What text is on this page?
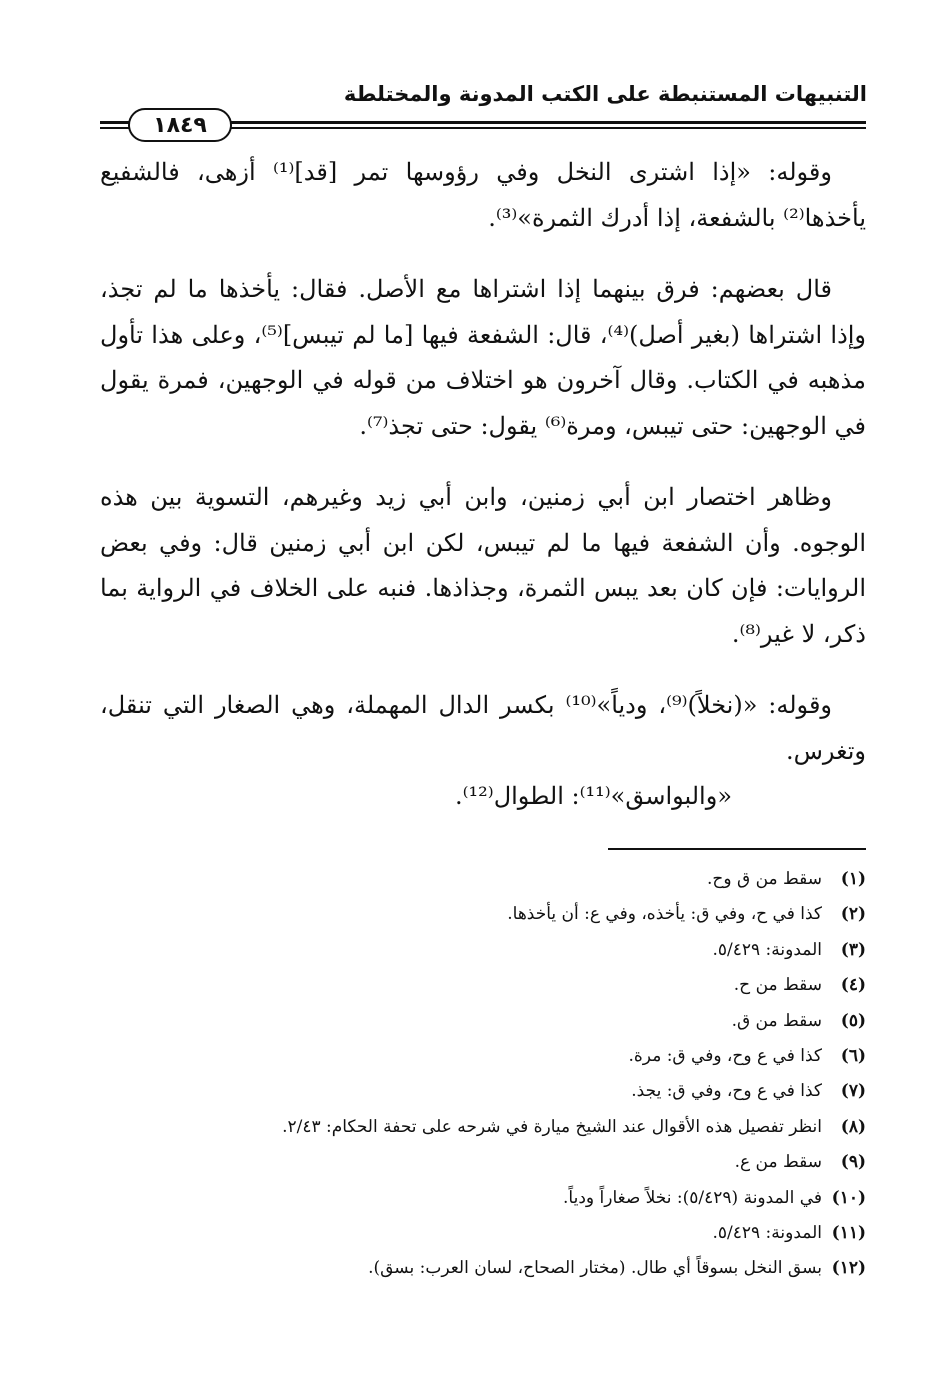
التنبيهات المستنبطة على الكتب المدونة والمختلطة
١٨٤٩

وقوله: «إذا اشترى النخل وفي رؤوسها تمر [قد]⁽¹⁾ أزهى، فالشفيع يأخذها⁽²⁾ بالشفعة، إذا أدرك الثمرة»⁽³⁾.

قال بعضهم: فرق بينهما إذا اشتراها مع الأصل. فقال: يأخذها ما لم تجذ، وإذا اشتراها (بغير أصل)⁽⁴⁾، قال: الشفعة فيها [ما لم تيبس]⁽⁵⁾، وعلى هذا تأول مذهبه في الكتاب. وقال آخرون هو اختلاف من قوله في الوجهين، فمرة يقول في الوجهين: حتى تيبس، ومرة⁽⁶⁾ يقول: حتى تجذ⁽⁷⁾.

وظاهر اختصار ابن أبي زمنين، وابن أبي زيد وغيرهم، التسوية بين هذه الوجوه. وأن الشفعة فيها ما لم تيبس، لكن ابن أبي زمنين قال: وفي بعض الروايات: فإن كان بعد يبس الثمرة، وجذاذها. فنبه على الخلاف في الرواية بما ذكر، لا غير⁽⁸⁾.

وقوله: «(نخلاً)⁽⁹⁾، ودياً»⁽¹⁰⁾ بكسر الدال المهملة، وهي الصغار التي تنقل، وتغرس.

«والبواسق»⁽¹¹⁾: الطوال⁽¹²⁾.

(١)سقط من ق وح.
(٢)كذا في ح، وفي ق: يأخذه، وفي ع: أن يأخذها.
(٣)المدونة: ٥/٤٢٩.
(٤)سقط من ح.
(٥)سقط من ق.
(٦)كذا في ع وح، وفي ق: مرة.
(٧)كذا في ع وح، وفي ق: يجذ.
(٨)انظر تفصيل هذه الأقوال عند الشيخ ميارة في شرحه على تحفة الحكام: ٢/٤٣.
(٩)سقط من ع.
(١٠)في المدونة (٥/٤٢٩): نخلاً صغاراً ودياً.
(١١)المدونة: ٥/٤٢٩.
(١٢)بسق النخل بسوقاً أي طال. (مختار الصحاح، لسان العرب: بسق).
